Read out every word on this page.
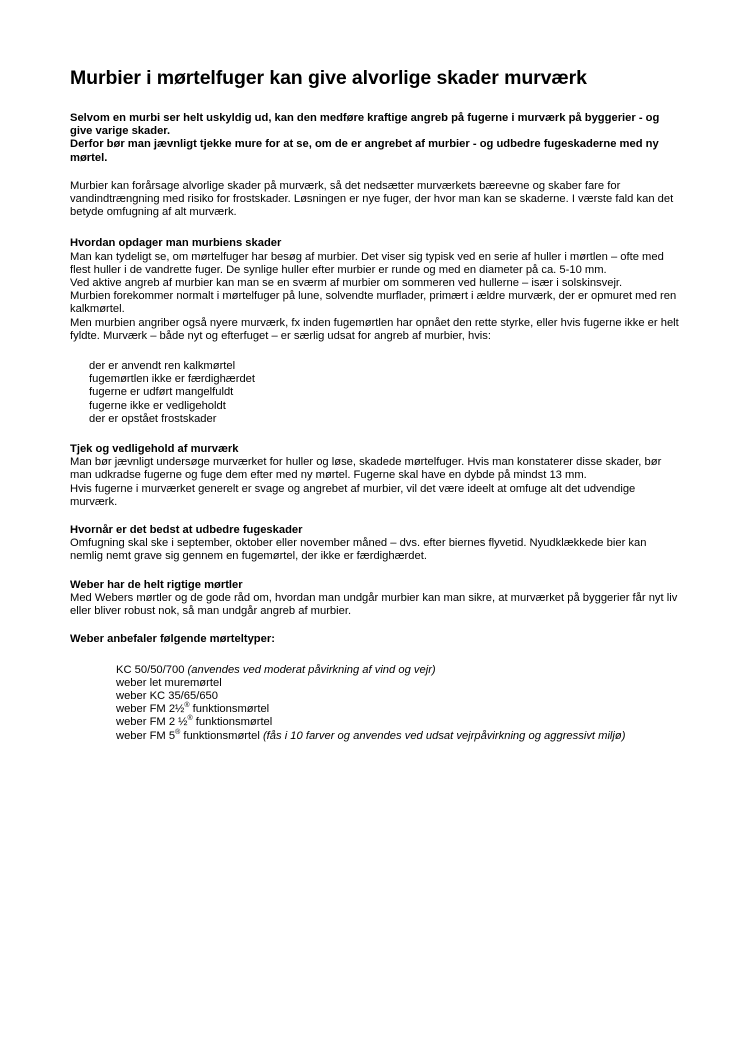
Murbier i mørtelfuger kan give alvorlige skader murværk

Selvom en murbi ser helt uskyldig ud, kan den medføre kraftige angreb på fugerne i murværk på byggerier - og give varige skader.

Derfor bør man jævnligt tjekke mure for at se, om de er angrebet af murbier - og udbedre fugeskaderne med ny mørtel.

Murbier kan forårsage alvorlige skader på murværk, så det nedsætter murværkets bæreevne og skaber fare for vandindtrængning med risiko for frostskader. Løsningen er nye fuger, der hvor man kan se skaderne. I værste fald kan det betyde omfugning af alt murværk.

Hvordan opdager man murbiens skader

Man kan tydeligt se, om mørtelfuger har besøg af murbier. Det viser sig typisk ved en serie af huller i mørtlen – ofte med flest huller i de vandrette fuger. De synlige huller efter murbier er runde og med en diameter på ca. 5-10 mm.

Ved aktive angreb af murbier kan man se en sværm af murbier om sommeren ved hullerne – især i solskinsvejr.

Murbien forekommer normalt i mørtelfuger på lune, solvendte murflader, primært i ældre murværk, der er opmuret med ren kalkmørtel.

Men murbien angriber også nyere murværk, fx inden fugemørtlen har opnået den rette styrke, eller hvis fugerne ikke er helt fyldte. Murværk – både nyt og efterfuget – er særlig udsat for angreb af murbier, hvis:

der er anvendt ren kalkmørtel
fugemørtlen ikke er færdighærdet
fugerne er udført mangelfuldt
fugerne ikke er vedligeholdt
der er opstået frostskader
Tjek og vedligehold af murværk

Man bør jævnligt undersøge murværket for huller og løse, skadede mørtelfuger. Hvis man konstaterer disse skader, bør man udkradse fugerne og fuge dem efter med ny mørtel. Fugerne skal have en dybde på mindst 13 mm.

Hvis fugerne i murværket generelt er svage og angrebet af murbier, vil det være ideelt at omfuge alt det udvendige murværk.

Hvornår er det bedst at udbedre fugeskader

Omfugning skal ske i september, oktober eller november måned – dvs. efter biernes flyvetid. Nyudklækkede bier kan nemlig nemt grave sig gennem en fugemørtel, der ikke er færdighærdet.

Weber har de helt rigtige mørtler

Med Webers mørtler og de gode råd om, hvordan man undgår murbier kan man sikre, at murværket på byggerier får nyt liv eller bliver robust nok, så man undgår angreb af murbier.

Weber anbefaler følgende mørteltyper:
KC 50/50/700 (anvendes ved moderat påvirkning af vind og vejr)
weber let muremørtel
weber KC 35/65/650
weber FM 2½® funktionsmørtel
weber FM 2 ½® funktionsmørtel
weber FM 5® funktionsmørtel (fås i 10 farver og anvendes ved udsat vejrpåvirkning og aggressivt miljø)
